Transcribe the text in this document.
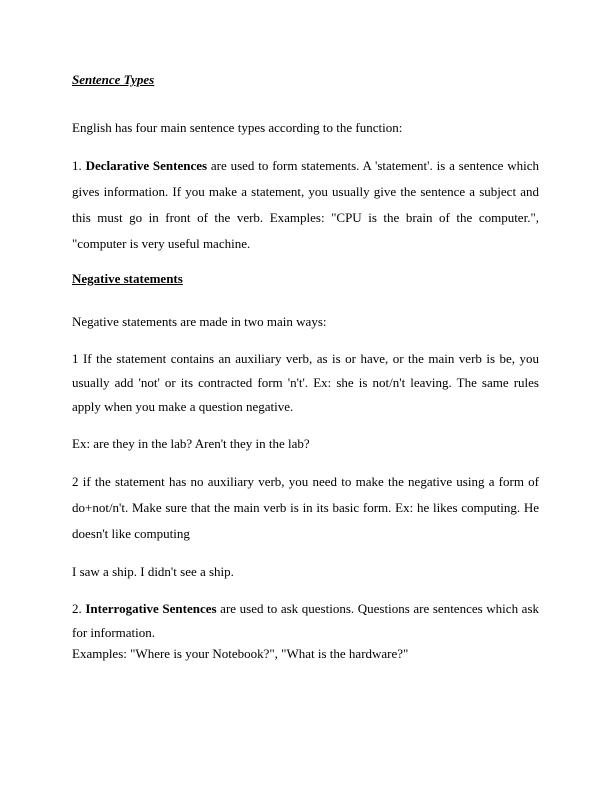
Sentence Types

English has four main sentence types according to the function:

1. Declarative Sentences are used to form statements. A 'statement'. is a sentence which gives information. If you make a statement, you usually give the sentence a subject and this must go in front of the verb. Examples: "CPU is the brain of the computer.", "computer is very useful machine.

Negative statements

Negative statements are made in two main ways:

1 If the statement contains an auxiliary verb, as is or have, or the main verb is be, you usually add 'not' or its contracted form 'n't'. Ex: she is not/n't leaving. The same rules apply when you make a question negative.

Ex: are they in the lab? Aren't they in the lab?

2 if the statement has no auxiliary verb, you need to make the negative using a form of do+not/n't. Make sure that the main verb is in its basic form. Ex: he likes computing. He doesn't like computing

I saw a ship. I didn't see a ship.

2. Interrogative Sentences are used to ask questions. Questions are sentences which ask for information.
Examples: "Where is your Notebook?", "What is the hardware?"
